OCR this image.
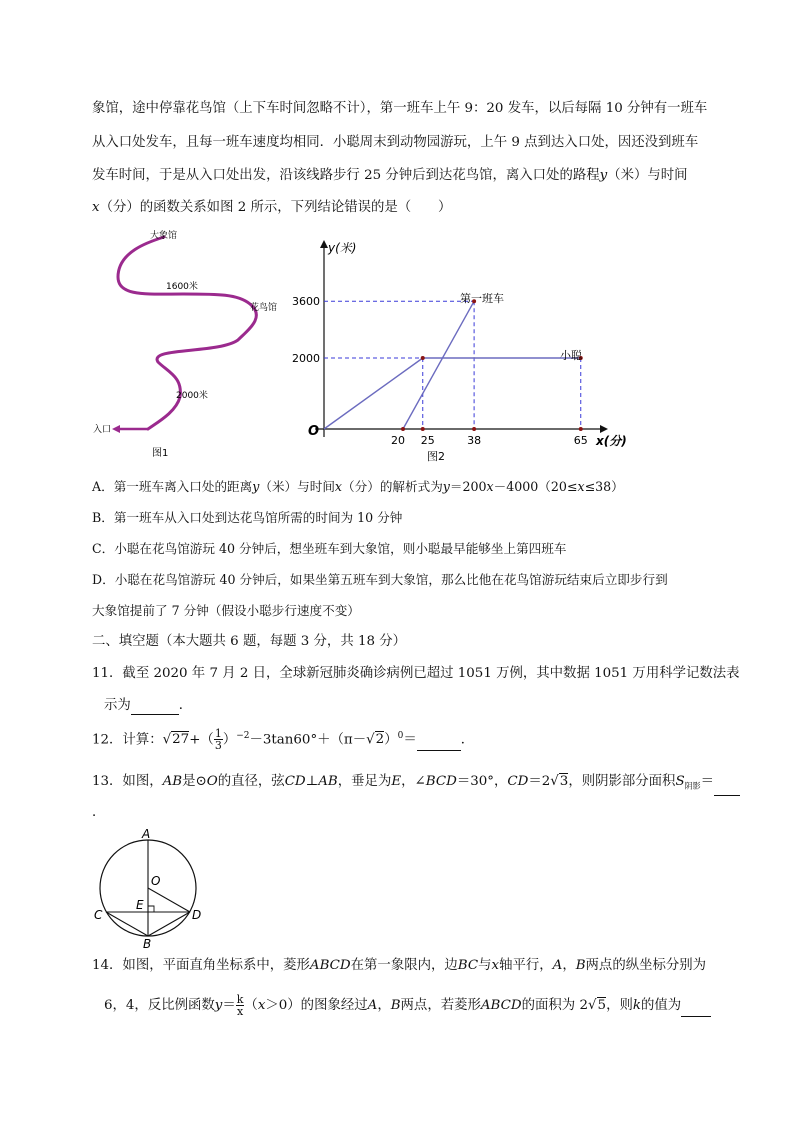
象馆，途中停靠花鸟馆（上下车时间忽略不计），第一班车上午 9：20 发车，以后每隔 10 分钟有一班车
从入口处发车，且每一班车速度均相同．小聪周末到动物园游玩，上午 9 点到达入口处，因还没到班车
发车时间，于是从入口处出发，沿该线路步行 25 分钟后到达花鸟馆，离入口处的路程y（米）与时间
x（分）的函数关系如图 2 所示，下列结论错误的是（　　）
大象馆
花鸟馆
入口
1600米
2000米
图1
y(米)
x(分)
O
3600
2000
20 25	38	65
第一班车
小聪
图2
A．第一班车离入口处的距离y（米）与时间x（分）的解析式为y＝200x－4000（20≤x≤38）
B．第一班车从入口处到达花鸟馆所需的时间为 10 分钟
C．小聪在花鸟馆游玩 40 分钟后，想坐班车到大象馆，则小聪最早能够坐上第四班车
D．小聪在花鸟馆游玩 40 分钟后，如果坐第五班车到大象馆，那么比他在花鸟馆游玩结束后立即步行到
大象馆提前了 7 分钟（假设小聪步行速度不变）
二、填空题（本大题共 6 题，每题 3 分，共 18 分）
11．截至 2020 年 7 月 2 日，全球新冠肺炎确诊病例已超过 1051 万例，其中数据 1051 万用科学记数法表
示为	．
12．计算：$√27+( \frac{1}{3} )^{-2}-3\tan 60^\circ+(\pi-√2)^0=$	．
13．如图，AB是⊙O的直径，弦CD⊥AB，垂足为E，∠BCD＝30°，CD＝2√3，则阴影部分面积$S_{阴影}=$
．
A
O
C
E
D
B
14．如图，平面直角坐标系中，菱形ABCD在第一象限内，边BC与x轴平行，A，B两点的纵坐标分别为
6，4，反比例函数$y= \frac{k}{x} (x>0)$的图象经过A，B两点，若菱形ABCD的面积为 2√5，则k的值为
